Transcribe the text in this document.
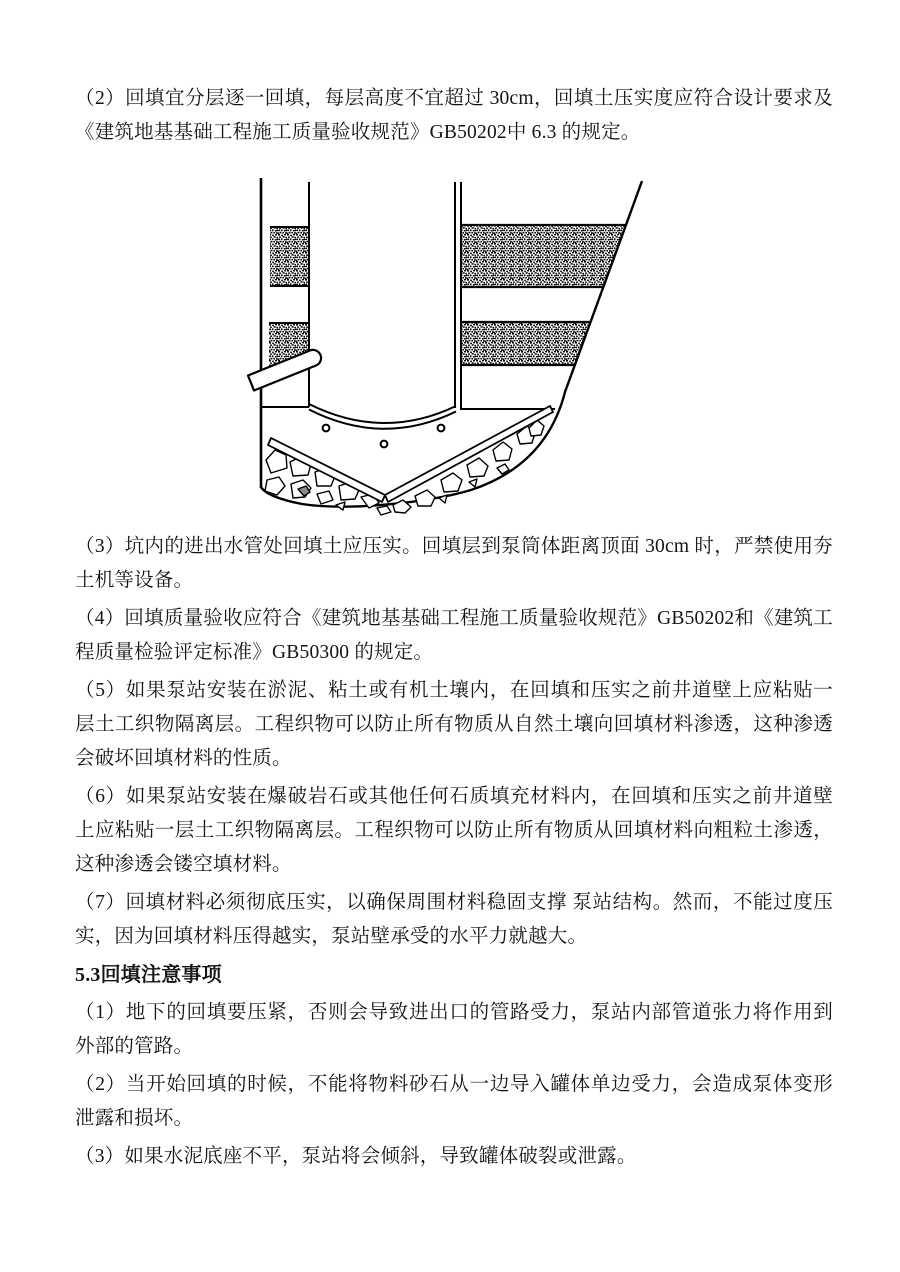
（2）回填宜分层逐一回填，每层高度不宜超过 30cm，回填土压实度应符合设计要求及《建筑地基基础工程施工质量验收规范》GB50202中 6.3 的规定。

（3）坑内的进出水管处回填土应压实。回填层到泵筒体距离顶面 30cm 时，严禁使用夯土机等设备。

（4）回填质量验收应符合《建筑地基基础工程施工质量验收规范》GB50202和《建筑工程质量检验评定标准》GB50300 的规定。

（5）如果泵站安装在淤泥、粘土或有机土壤内，在回填和压实之前井道壁上应粘贴一层土工织物隔离层。工程织物可以防止所有物质从自然土壤向回填材料渗透，这种渗透会破坏回填材料的性质。

（6）如果泵站安装在爆破岩石或其他任何石质填充材料内，在回填和压实之前井道壁上应粘贴一层土工织物隔离层。工程织物可以防止所有物质从回填材料向粗粒土渗透，这种渗透会镂空填材料。

（7）回填材料必须彻底压实，以确保周围材料稳固支撑 泵站结构。然而，不能过度压实，因为回填材料压得越实，泵站壁承受的水平力就越大。

5.3回填注意事项

（1）地下的回填要压紧，否则会导致进出口的管路受力，泵站内部管道张力将作用到外部的管路。

（2）当开始回填的时候，不能将物料砂石从一边导入罐体单边受力，会造成泵体变形泄露和损坏。

（3）如果水泥底座不平，泵站将会倾斜，导致罐体破裂或泄露。
